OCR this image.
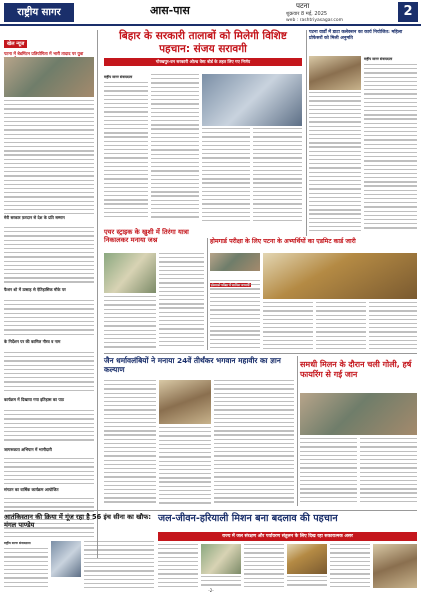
राष्ट्रीय सागर	आस-पास	पटना
शुक्रवार 8 मई, 2025
web : rashtriyasagar.com
2
खेल न्यूज
पटना में बेडमिंटन प्रतियोगिता में भारी तादाद पर युवा
मेरी सरकार फ़रदान से देश के प्रति सम्मान
फैशन शो में उत्साह से ऐतिहासिक मौके पर
के निर्देशन पर की कामिल गौरव व नाम
कार्यक्रम में दिखाया गया इतिहास का पाठ
जागरूकता अभियान में भागीदारी
संगठन का वार्षिक कार्यक्रम आयोजित
बिहार के सरकारी तालाबों को मिलेगी विशिष्ट पहचान: संजय सरावगी
गोरखपुर-वन सरकारी ओल्ड वेस्ट बोर्ड के तहत लिए गए निर्णय
राष्ट्रीय सागर संवाददाता
पटना वार्डों में डाटा कलेक्शन का कार्य नियोजित: महिला प्रोफेसरों को मिली अनुमति
राष्ट्रीय सागर संवाददाता
एयर स्ट्राइक के खुशी में तिरंगा यात्रा निकालकर मनाया जश्न	होमगार्ड परीक्षा के लिए पटना के अभ्यर्थियों का एडमिट कार्ड जारी
जैन धर्मावलंबियों ने मनाया 24वें तीर्थंकर भगवान महावीर का ज्ञान कल्याण
समधी मिलन के दौरान चली गोली, हर्ष फायरिंग से गई जान
आतंकिस्तान की क्रिया में गूंज रहा है 56 इंच सीना का खौफ: मंगल पाण्डेय
राष्ट्रीय सागर संवाददाता
जल-जीवन-हरियाली मिशन बना बदलाव की पहचान
राज्य में जल संरक्षण और पर्यावरण संतुलन के लिए दिख रहा सकारात्मक असर
-2-
